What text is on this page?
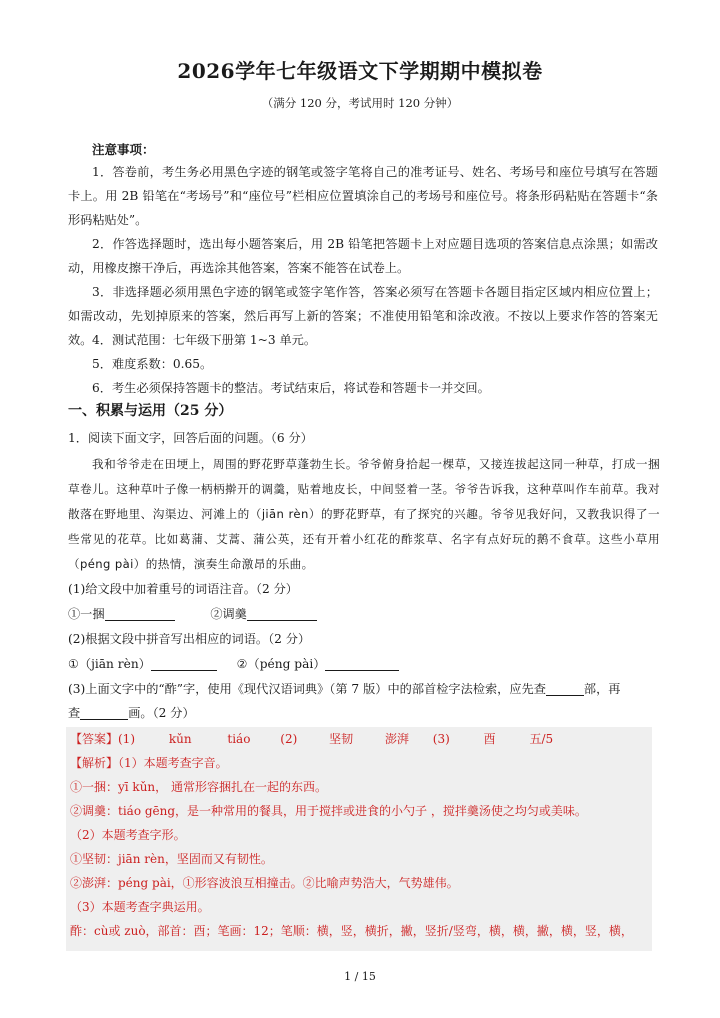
2026学年七年级语文下学期期中模拟卷
（满分 120 分，考试用时 120 分钟）
注意事项：
1．答卷前，考生务必用黑色字迹的钢笔或签字笔将自己的准考证号、姓名、考场号和座位号填写在答题卡上。用 2B 铅笔在“考场号”和“座位号”栏相应位置填涂自己的考场号和座位号。将条形码粘贴在答题卡“条形码粘贴处”。
2．作答选择题时，选出每小题答案后，用 2B 铅笔把答题卡上对应题目选项的答案信息点涂黑；如需改动，用橡皮擦干净后，再选涂其他答案，答案不能答在试卷上。
3．非选择题必须用黑色字迹的钢笔或签字笔作答，答案必须写在答题卡各题目指定区域内相应位置上；如需改动，先划掉原来的答案，然后再写上新的答案；不准使用铅笔和涂改液。不按以上要求作答的答案无效。 4．测试范围：七年级下册第 1~3 单元。
5．难度系数：0.65。
6．考生必须保持答题卡的整洁。考试结束后，将试卷和答题卡一并交回。
一、积累与运用（25 分）
1．阅读下面文字，回答后面的问题。（6 分）
我和爷爷走在田埂上，周围的野花野草蓬勃生长。爷爷俯身拾起一棵草，又接连拔起这同一种草，打成一捆草卷儿。这种草叶子像一柄柄擀开的调羹，贴着地皮长，中间竖着一茎。爷爷告诉我，这种草叫作车前草。我对散落在野地里、沟渠边、河滩上的（jiān rèn）的野花野草，有了探究的兴趣。爷爷见我好问，又教我识得了一些常见的花草。比如葛蒲、艾蒿、蒲公英，还有开着小红花的酢浆草、名字有点好玩的鹅不食草。这些小草用（péng pài）的热情，演奏生命激昂的乐曲。
(1)给文段中加着重号的词语注音。（2 分）
①一捆	②调羹
(2)根据文段中拼音写出相应的词语。（2 分）
①（jiān rèn）	②（péng pài）
(3)上面文字中的“酢”字，使用《现代汉语词典》（第 7 版）中的部首检字法检索，应先查	部，再
查	画。（2 分）
【答案】(1)	kǔn	tiáo (2)	坚韧	澎湃 (3)	酉	五/5
【解析】（1）本题考查字音。
①一捆：yī kǔn， 通常形容捆扎在一起的东西。
②调羹：tiáo gēng，是一种常用的餐具，用于搅拌或进食的小勺子 ，搅拌羹汤使之均匀或美味。
（2）本题考查字形。
①坚韧：jiān rèn，坚固而又有韧性。
②澎湃：péng pài，①形容波浪互相撞击。②比喻声势浩大，气势雄伟。
（3）本题考查字典运用。
酢：cù或 zuò，部首：酉；笔画：12；笔顺：横，竖，横折，撇，竖折/竖弯，横，横，撇，横，竖，横，
1 / 15
